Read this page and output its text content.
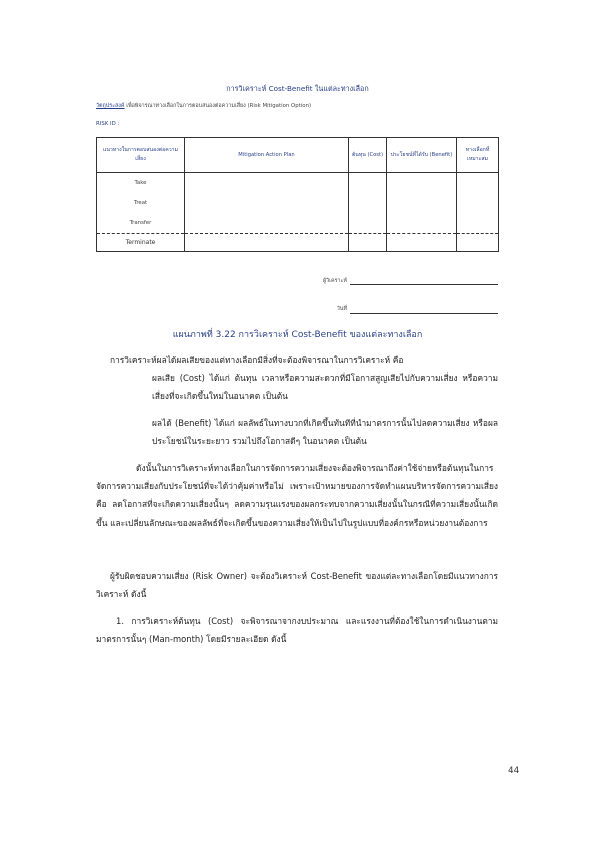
การวิเคราะห์ Cost-Benefit ในแต่ละทางเลือก
วัตถุประสงค์ เพื่อพิจารณาทางเลือกในการตอบสนองต่อความเสี่ยง (Risk Mitigation Option)
RISK ID :
แนวทางในการตอบสนองต่อความเสี่ยง	Mitigation Action Plan	ต้นทุน (Cost)	ประโยชน์ที่ได้รับ (Benefit)	ทางเลือกที่เหมาะสม
Take				
Treat				
Transfer				
Terminate				
ผู้วิเคราะห์
วันที่
แผนภาพที่ 3.22 การวิเคราะห์ Cost-Benefit ของแต่ละทางเลือก

การวิเคราะห์ผลได้ผลเสียของแต่ทางเลือกมีสิ่งที่จะต้องพิจารณาในการวิเคราะห์ คือ

ผลเสีย (Cost) ได้แก่ ต้นทุน เวลาหรือความสะดวกที่มีโอกาสสูญเสียไปกับความเสี่ยง หรือความเสี่ยงที่จะเกิดขึ้นใหม่ในอนาคต เป็นต้น

ผลได้ (Benefit) ได้แก่ ผลลัพธ์ในทางบวกที่เกิดขึ้นทันทีที่นำมาตรการนั้นไปลดความเสี่ยง หรือผลประโยชน์ในระยะยาว รวมไปถึงโอกาสดีๆ ในอนาคต เป็นต้น

ดังนั้นในการวิเคราะห์ทางเลือกในการจัดการความเสี่ยงจะต้องพิจารณาถึงค่าใช้จ่ายหรือต้นทุนในการจัดการความเสี่ยงกับประโยชน์ที่จะได้ว่าคุ้มค่าหรือไม่ เพราะเป้าหมายของการจัดทำแผนบริหารจัดการความเสี่ยงคือ ลดโอกาสที่จะเกิดความเสี่ยงนั้นๆ ลดความรุนแรงของผลกระทบจากความเสี่ยงนั้นในกรณีที่ความเสี่ยงนั้นเกิดขึ้น และเปลี่ยนลักษณะของผลลัพธ์ที่จะเกิดขึ้นของความเสี่ยงให้เป็นไปในรูปแบบที่องค์กรหรือหน่วยงานต้องการ

ผู้รับผิดชอบความเสี่ยง (Risk Owner) จะต้องวิเคราะห์ Cost-Benefit ของแต่ละทางเลือกโดยมีแนวทางการวิเคราะห์ ดังนี้

1. การวิเคราะห์ต้นทุน (Cost) จะพิจารณาจากงบประมาณ และแรงงานที่ต้องใช้ในการดำเนินงานตามมาตรการนั้นๆ (Man-month) โดยมีรายละเอียด ดังนี้

44
